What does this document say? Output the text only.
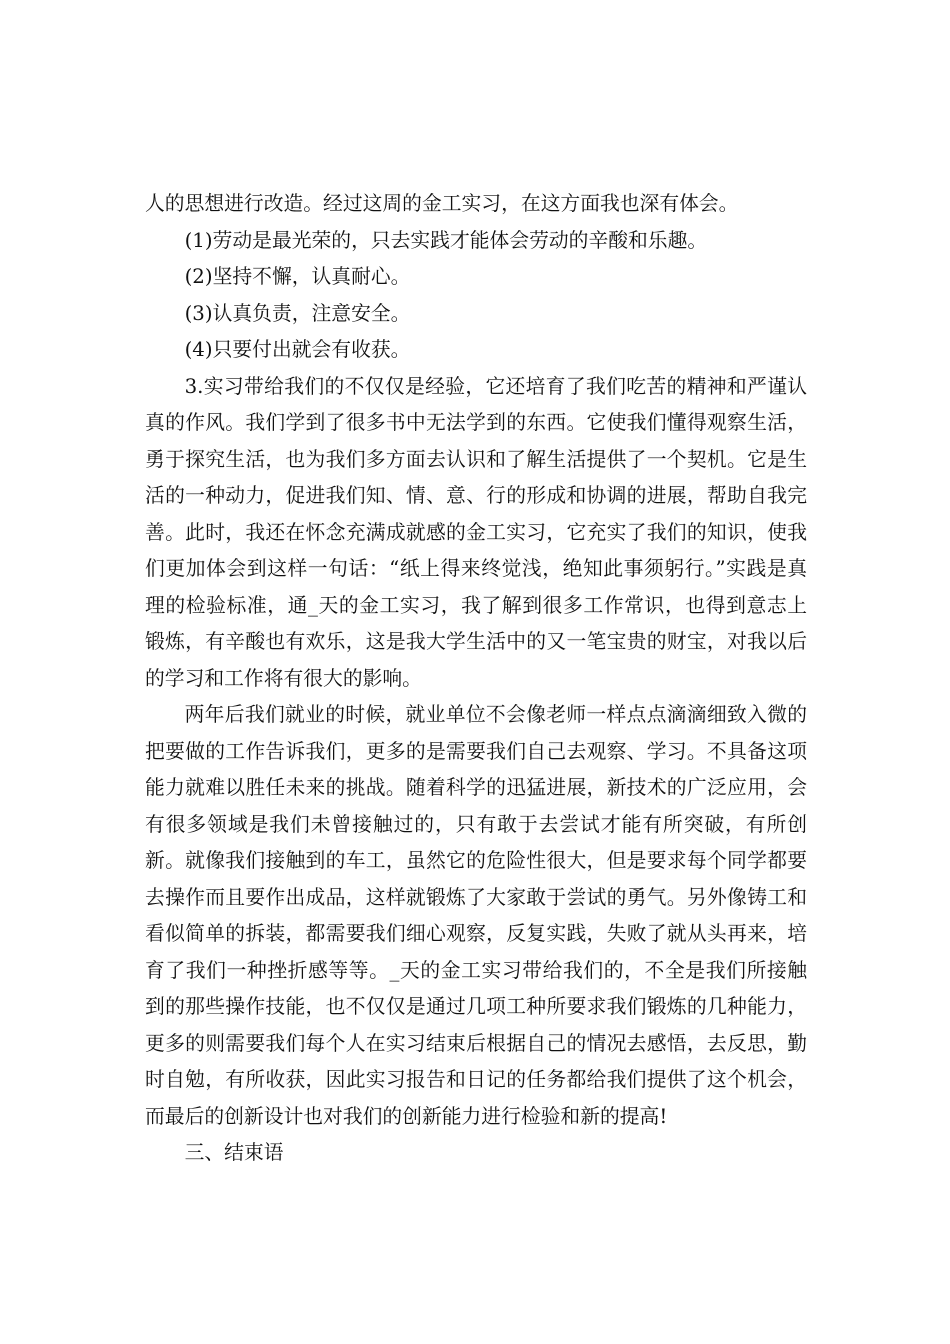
人的思想进行改造。经过这周的金工实习，在这方面我也深有体会。

(1)劳动是最光荣的，只去实践才能体会劳动的辛酸和乐趣。

(2)坚持不懈，认真耐心。

(3)认真负责，注意安全。

(4)只要付出就会有收获。

3.实习带给我们的不仅仅是经验，它还培育了我们吃苦的精神和严谨认真的作风。我们学到了很多书中无法学到的东西。它使我们懂得观察生活，勇于探究生活，也为我们多方面去认识和了解生活提供了一个契机。它是生活的一种动力，促进我们知、情、意、行的形成和协调的进展，帮助自我完善。此时，我还在怀念充满成就感的金工实习，它充实了我们的知识，使我们更加体会到这样一句话：“纸上得来终觉浅，绝知此事须躬行。”实践是真理的检验标准，通_天的金工实习，我了解到很多工作常识，也得到意志上锻炼，有辛酸也有欢乐，这是我大学生活中的又一笔宝贵的财宝，对我以后的学习和工作将有很大的影响。

两年后我们就业的时候，就业单位不会像老师一样点点滴滴细致入微的把要做的工作告诉我们，更多的是需要我们自己去观察、学习。不具备这项能力就难以胜任未来的挑战。随着科学的迅猛进展，新技术的广泛应用，会有很多领域是我们未曾接触过的，只有敢于去尝试才能有所突破，有所创新。就像我们接触到的车工，虽然它的危险性很大，但是要求每个同学都要去操作而且要作出成品，这样就锻炼了大家敢于尝试的勇气。另外像铸工和看似简单的拆装，都需要我们细心观察，反复实践，失败了就从头再来，培育了我们一种挫折感等等。_天的金工实习带给我们的，不全是我们所接触到的那些操作技能，也不仅仅是通过几项工种所要求我们锻炼的几种能力，更多的则需要我们每个人在实习结束后根据自己的情况去感悟，去反思，勤时自勉，有所收获，因此实习报告和日记的任务都给我们提供了这个机会，而最后的创新设计也对我们的创新能力进行检验和新的提高!

三、结束语
